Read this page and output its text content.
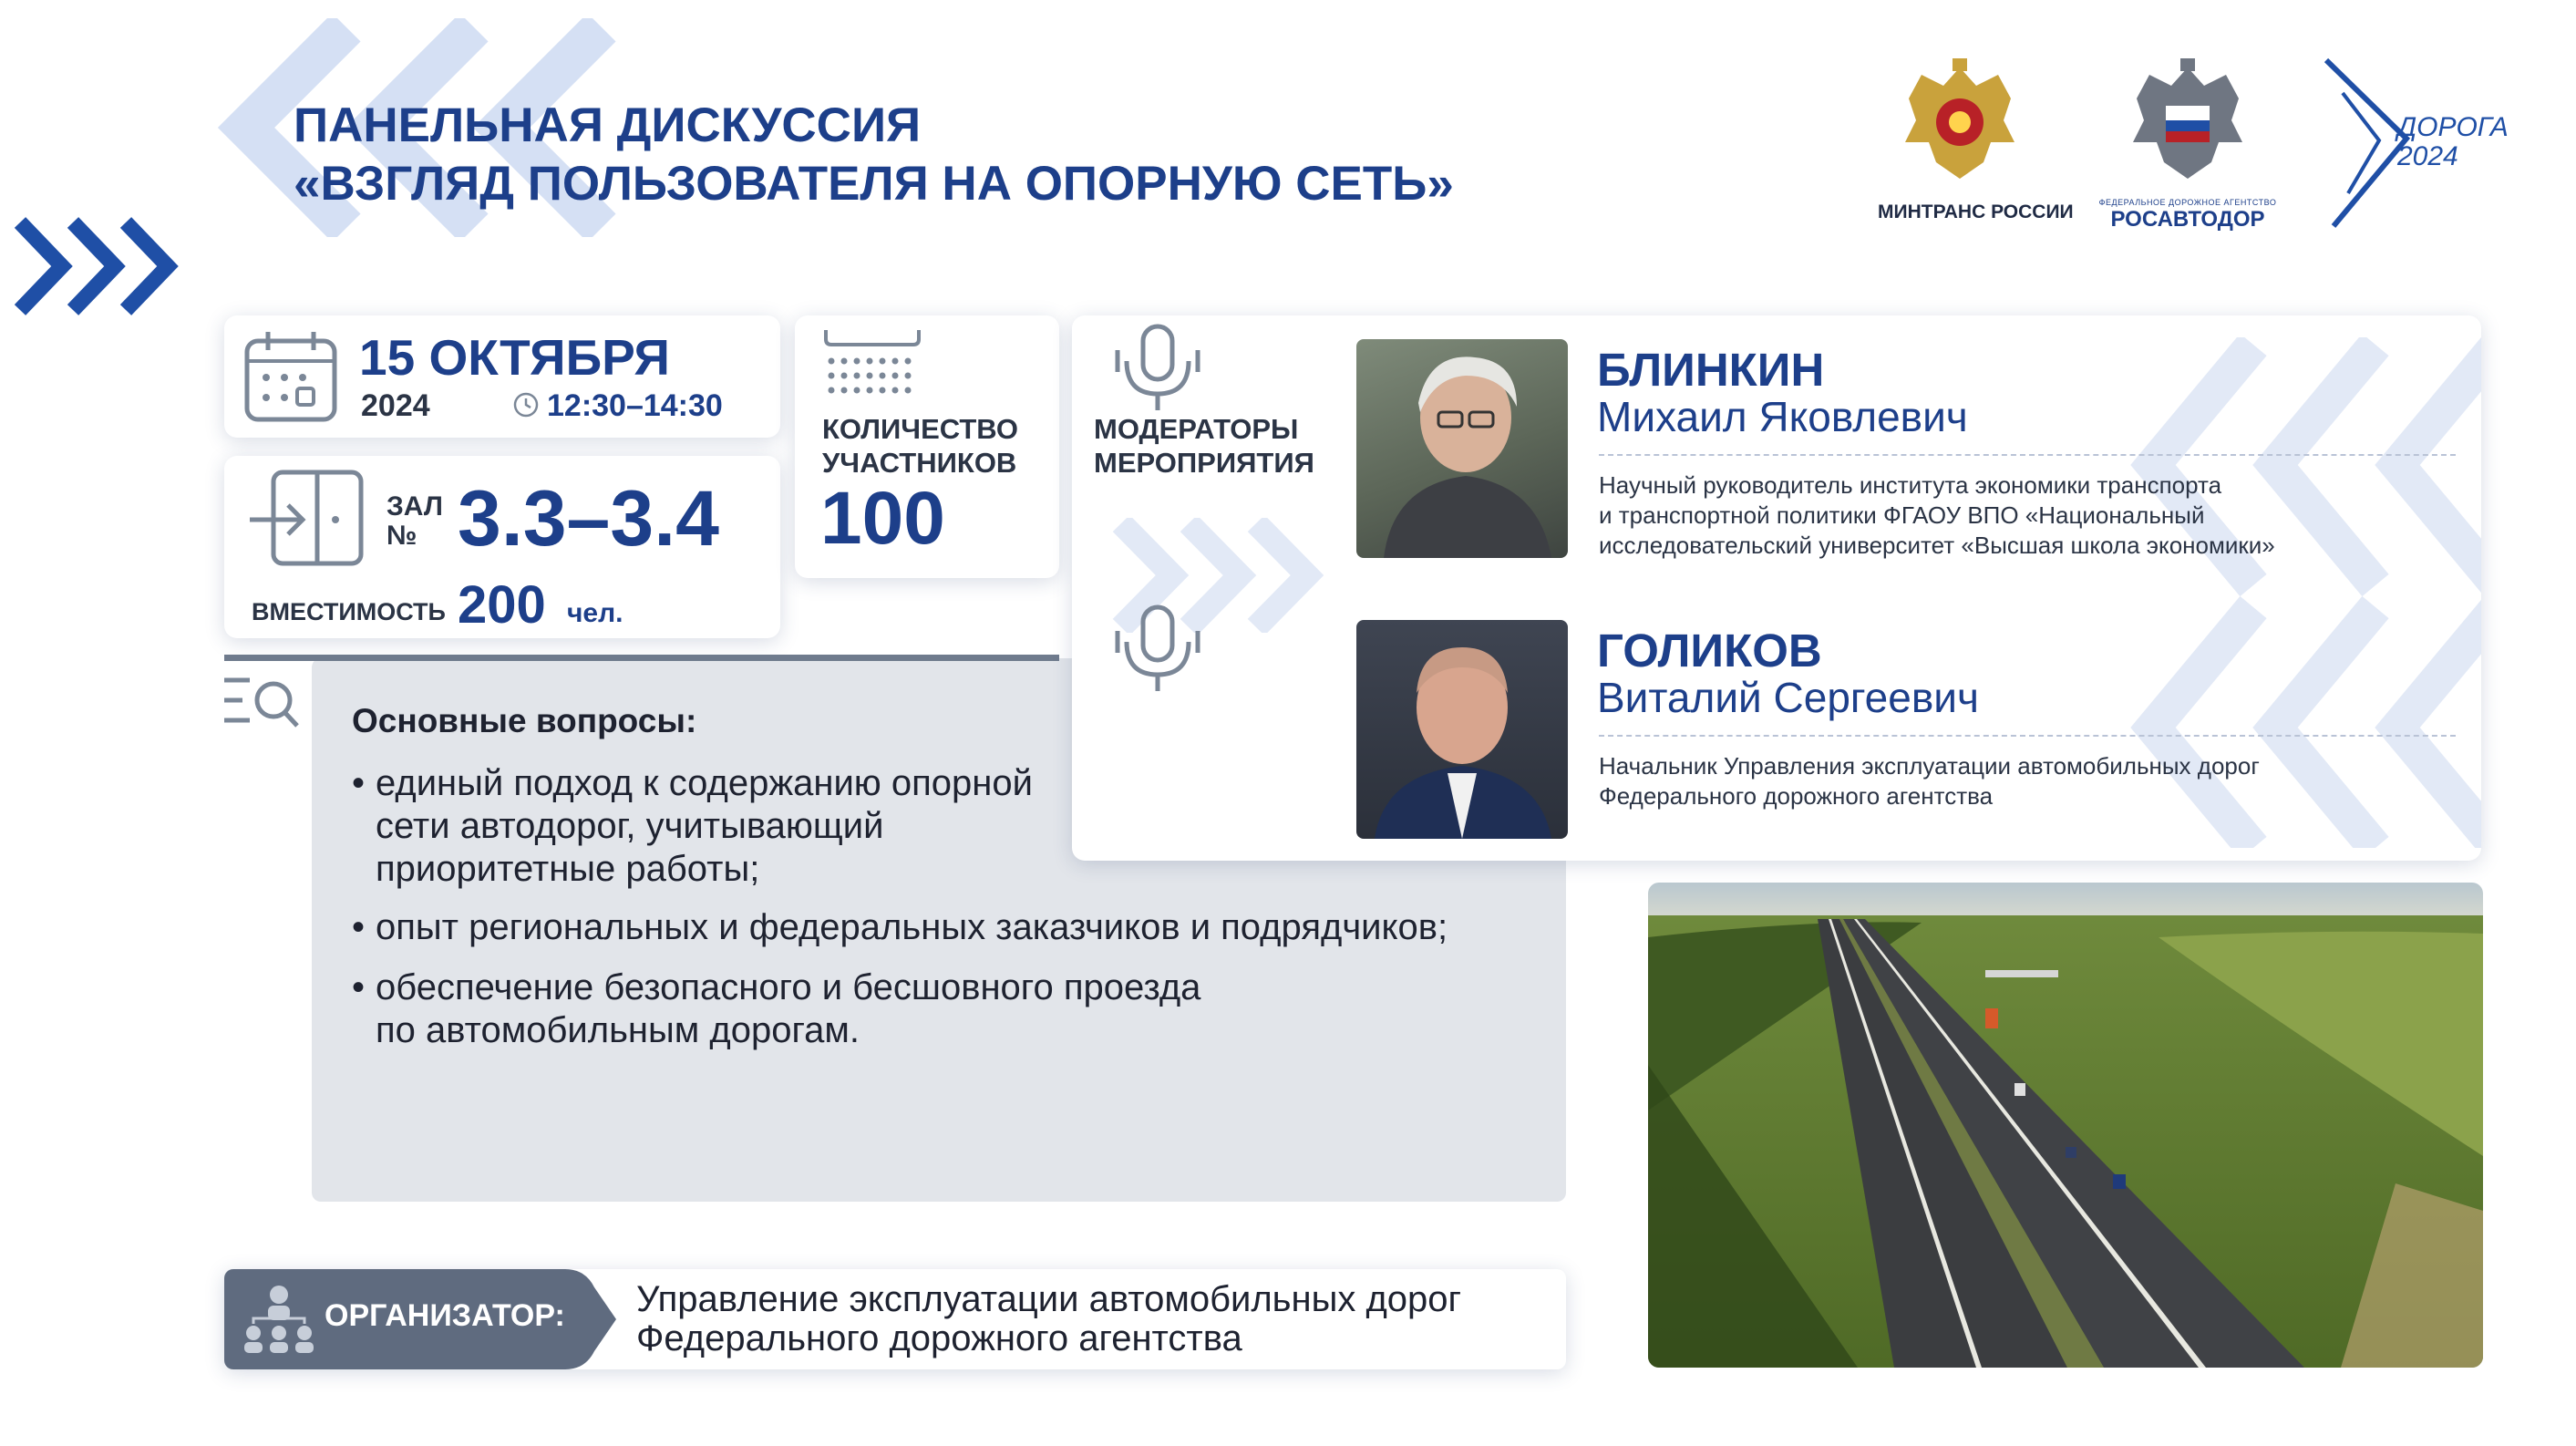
ПАНЕЛЬНАЯ ДИСКУССИЯ
«ВЗГЛЯД ПОЛЬЗОВАТЕЛЯ НА ОПОРНУЮ СЕТЬ»
МИНТРАНС РОССИИ	ФЕДЕРАЛЬНОЕ ДОРОЖНОЕ АГЕНТСТВО
РОСАВТОДОР
ДОРОГА
2024
15 ОКТЯБРЯ
2024	12:30–14:30
ЗАЛ
№ 3.3–3.4
ВМЕСТИМОСТЬ 200 чел.
КОЛИЧЕСТВО
УЧАСТНИКОВ
100
Основные вопросы:
• единый подход к содержанию опорной
сети автодорог, учитывающий
приоритетные работы;
• опыт региональных и федеральных заказчиков и подрядчиков;
• обеспечение безопасного и бесшовного проезда
по автомобильным дорогам.
МОДЕРАТОРЫ
МЕРОПРИЯТИЯ
БЛИНКИН
Михаил Яковлевич
Научный руководитель института экономики транспорта
и транспортной политики ФГАОУ ВПО «Национальный
исследовательский университет «Высшая школа экономики»
ГОЛИКОВ
Виталий Сергеевич
Начальник Управления эксплуатации автомобильных дорог
Федерального дорожного агентства
ОРГАНИЗАТОР: Управление эксплуатации автомобильных дорог
Федерального дорожного агентства
